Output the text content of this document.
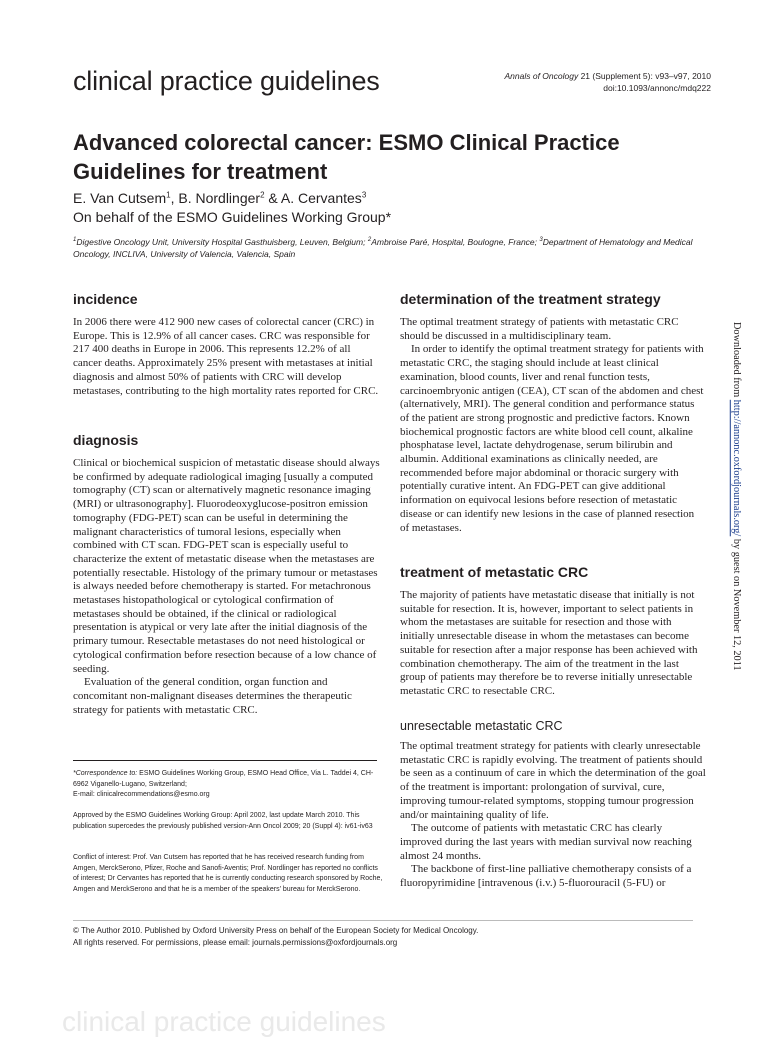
clinical practice guidelines	Annals of Oncology 21 (Supplement 5): v93–v97, 2010
doi:10.1093/annonc/mdq222
Advanced colorectal cancer: ESMO Clinical Practice Guidelines for treatment
E. Van Cutsem$^1$, B. Nordlinger$^2$ & A. Cervantes$^3$
On behalf of the ESMO Guidelines Working Group*
$^1$Digestive Oncology Unit, University Hospital Gasthuisberg, Leuven, Belgium; $^2$Ambroise Paré, Hospital, Boulogne, France; $^3$Department of Hematology and Medical Oncology, INCLIVA, University of Valencia, Valencia, Spain
incidence

In 2006 there were 412 900 new cases of colorectal cancer (CRC) in Europe. This is 12.9% of all cancer cases. CRC was responsible for 217 400 deaths in Europe in 2006. This represents 12.2% of all cancer deaths. Approximately 25% present with metastases at initial diagnosis and almost 50% of patients with CRC will develop metastases, contributing to the high mortality rates reported for CRC.

diagnosis

Clinical or biochemical suspicion of metastatic disease should always be confirmed by adequate radiological imaging [usually a computed tomography (CT) scan or alternatively magnetic resonance imaging (MRI) or ultrasonography]. Fluorodeoxyglucose-positron emission tomography (FDG-PET) scan can be useful in determining the malignant characteristics of tumoral lesions, especially when combined with CT scan. FDG-PET scan is especially useful to characterize the extent of metastatic disease when the metastases are potentially resectable. Histology of the primary tumour or metastases is always needed before chemotherapy is started. For metachronous metastases histopathological or cytological confirmation of metastases should be obtained, if the clinical or radiological presentation is atypical or very late after the initial diagnosis of the primary tumour. Resectable metastases do not need histological or cytological confirmation before resection because of a low chance of seeding.

Evaluation of the general condition, organ function and concomitant non-malignant diseases determines the therapeutic strategy for patients with metastatic CRC.

*Correspondence to: ESMO Guidelines Working Group, ESMO Head Office, Via L. Taddei 4, CH-6962 Viganello-Lugano, Switzerland;

E-mail: clinicalrecommendations@esmo.org

Approved by the ESMO Guidelines Working Group: April 2002, last update March 2010. This publication supercedes the previously published version-Ann Oncol 2009; 20 (Suppl 4): iv61-iv63

Conflict of interest: Prof. Van Cutsem has reported that he has received research funding from Amgen, MerckSerono, Pfizer, Roche and Sanofi-Aventis; Prof. Nordlinger has reported no conflicts of interest; Dr Cervantes has reported that he is currently conducting research sponsored by Roche, Amgen and MerckSerono and that he is a member of the speakers' bureau for MerckSerono.

determination of the treatment strategy

The optimal treatment strategy of patients with metastatic CRC should be discussed in a multidisciplinary team.

In order to identify the optimal treatment strategy for patients with metastatic CRC, the staging should include at least clinical examination, blood counts, liver and renal function tests, carcinoembryonic antigen (CEA), CT scan of the abdomen and chest (alternatively, MRI). The general condition and performance status of the patient are strong prognostic and predictive factors. Known biochemical prognostic factors are white blood cell count, alkaline phosphatase level, lactate dehydrogenase, serum bilirubin and albumin. Additional examinations as clinically needed, are recommended before major abdominal or thoracic surgery with potentially curative intent. An FDG-PET can give additional information on equivocal lesions before resection of metastatic disease or can identify new lesions in the case of planned resection of metastases.

treatment of metastatic CRC

The majority of patients have metastatic disease that initially is not suitable for resection. It is, however, important to select patients in whom the metastases are suitable for resection and those with initially unresectable disease in whom the metastases can become suitable for resection after a major response has been achieved with combination chemotherapy. The aim of the treatment in the last group of patients may therefore be to reverse initially unresectable metastatic CRC to resectable CRC.

unresectable metastatic CRC

The optimal treatment strategy for patients with clearly unresectable metastatic CRC is rapidly evolving. The treatment of patients should be seen as a continuum of care in which the determination of the goal of the treatment is important: prolongation of survival, cure, improving tumour-related symptoms, stopping tumour progression and/or maintaining quality of life.

The outcome of patients with metastatic CRC has clearly improved during the last years with median survival now reaching almost 24 months.

The backbone of first-line palliative chemotherapy consists of a fluoropyrimidine [intravenous (i.v.) 5-fluorouracil (5-FU) or

© The Author 2010. Published by Oxford University Press on behalf of the European Society for Medical Oncology.
All rights reserved. For permissions, please email: journals.permissions@oxfordjournals.org
Downloaded from http://annonc.oxfordjournals.org/ by guest on November 12, 2011
clinical practice guidelines
